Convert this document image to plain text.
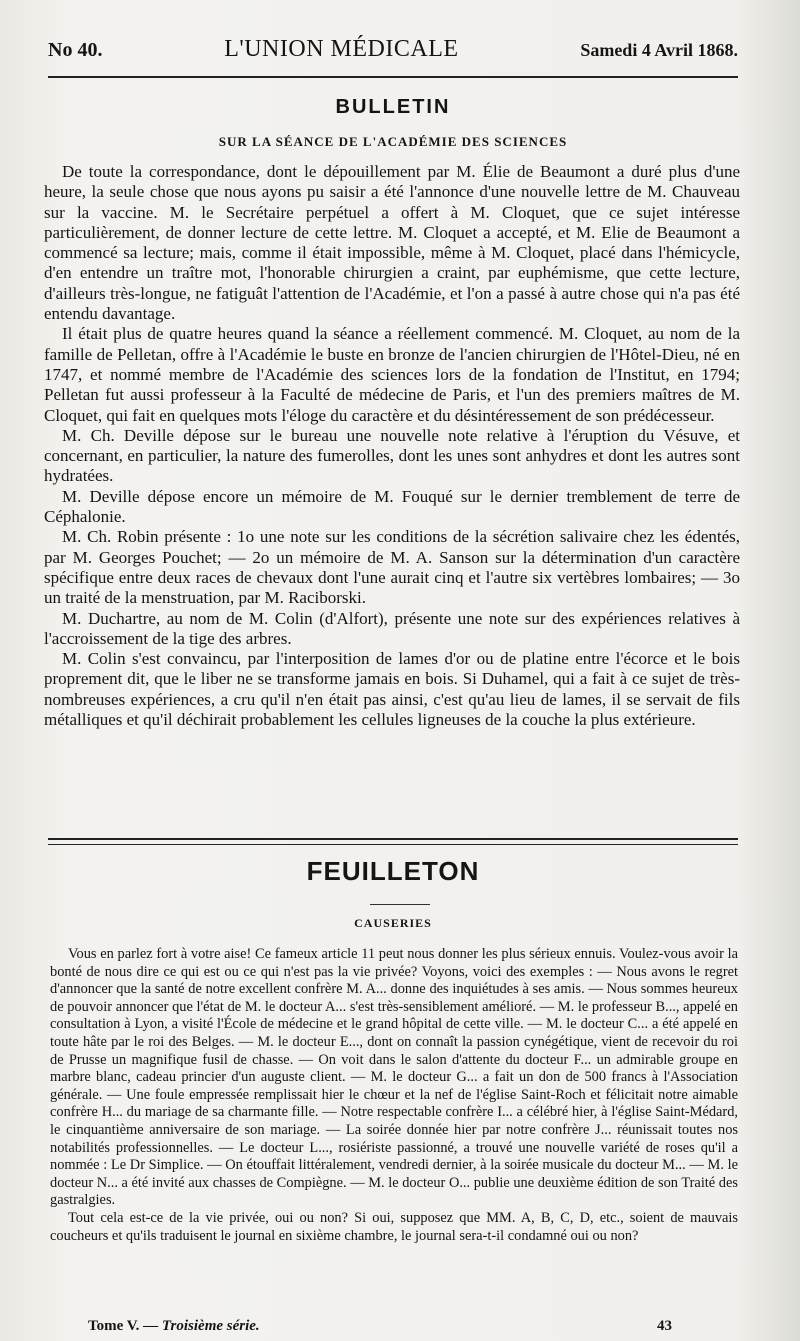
No 40.	L'UNION MÉDICALE	Samedi 4 Avril 1868.
BULLETIN
SUR LA SÉANCE DE L'ACADÉMIE DES SCIENCES

De toute la correspondance, dont le dépouillement par M. Élie de Beaumont a duré plus d'une heure, la seule chose que nous ayons pu saisir a été l'annonce d'une nouvelle lettre de M. Chauveau sur la vaccine. M. le Secrétaire perpétuel a offert à M. Cloquet, que ce sujet intéresse particulièrement, de donner lecture de cette lettre. M. Cloquet a accepté, et M. Elie de Beaumont a commencé sa lecture; mais, comme il était impossible, même à M. Cloquet, placé dans l'hémicycle, d'en entendre un traître mot, l'honorable chirurgien a craint, par euphémisme, que cette lecture, d'ailleurs très-longue, ne fatiguât l'attention de l'Académie, et l'on a passé à autre chose qui n'a pas été entendu davantage.

Il était plus de quatre heures quand la séance a réellement commencé. M. Cloquet, au nom de la famille de Pelletan, offre à l'Académie le buste en bronze de l'ancien chirurgien de l'Hôtel-Dieu, né en 1747, et nommé membre de l'Académie des sciences lors de la fondation de l'Institut, en 1794; Pelletan fut aussi professeur à la Faculté de médecine de Paris, et l'un des premiers maîtres de M. Cloquet, qui fait en quelques mots l'éloge du caractère et du désintéressement de son prédécesseur.

M. Ch. Deville dépose sur le bureau une nouvelle note relative à l'éruption du Vésuve, et concernant, en particulier, la nature des fumerolles, dont les unes sont anhydres et dont les autres sont hydratées.

M. Deville dépose encore un mémoire de M. Fouqué sur le dernier tremblement de terre de Céphalonie.

M. Ch. Robin présente : 1o une note sur les conditions de la sécrétion salivaire chez les édentés, par M. Georges Pouchet; — 2o un mémoire de M. A. Sanson sur la détermination d'un caractère spécifique entre deux races de chevaux dont l'une aurait cinq et l'autre six vertèbres lombaires; — 3o un traité de la menstruation, par M. Raciborski.

M. Duchartre, au nom de M. Colin (d'Alfort), présente une note sur des expériences relatives à l'accroissement de la tige des arbres.

M. Colin s'est convaincu, par l'interposition de lames d'or ou de platine entre l'écorce et le bois proprement dit, que le liber ne se transforme jamais en bois. Si Duhamel, qui a fait à ce sujet de très-nombreuses expériences, a cru qu'il n'en était pas ainsi, c'est qu'au lieu de lames, il se servait de fils métalliques et qu'il déchirait probablement les cellules ligneuses de la couche la plus extérieure.

FEUILLETON
CAUSERIES

Vous en parlez fort à votre aise! Ce fameux article 11 peut nous donner les plus sérieux ennuis. Voulez-vous avoir la bonté de nous dire ce qui est ou ce qui n'est pas la vie privée? Voyons, voici des exemples : — Nous avons le regret d'annoncer que la santé de notre excellent confrère M. A... donne des inquiétudes à ses amis. — Nous sommes heureux de pouvoir annoncer que l'état de M. le docteur A... s'est très-sensiblement amélioré. — M. le professeur B..., appelé en consultation à Lyon, a visité l'École de médecine et le grand hôpital de cette ville. — M. le docteur C... a été appelé en toute hâte par le roi des Belges. — M. le docteur E..., dont on connaît la passion cynégétique, vient de recevoir du roi de Prusse un magnifique fusil de chasse. — On voit dans le salon d'attente du docteur F... un admirable groupe en marbre blanc, cadeau princier d'un auguste client. — M. le docteur G... a fait un don de 500 francs à l'Association générale. — Une foule empressée remplissait hier le chœur et la nef de l'église Saint-Roch et félicitait notre aimable confrère H... du mariage de sa charmante fille. — Notre respectable confrère I... a célébré hier, à l'église Saint-Médard, le cinquantième anniversaire de son mariage. — La soirée donnée hier par notre confrère J... réunissait toutes nos notabilités professionnelles. — Le docteur L..., rosiériste passionné, a trouvé une nouvelle variété de roses qu'il a nommée : Le Dr Simplice. — On étouffait littéralement, vendredi dernier, à la soirée musicale du docteur M... — M. le docteur N... a été invité aux chasses de Compiègne. — M. le docteur O... publie une deuxième édition de son Traité des gastralgies.

Tout cela est-ce de la vie privée, oui ou non? Si oui, supposez que MM. A, B, C, D, etc., soient de mauvais coucheurs et qu'ils traduisent le journal en sixième chambre, le journal sera-t-il condamné oui ou non?

Tome V. — Troisième série.	43
